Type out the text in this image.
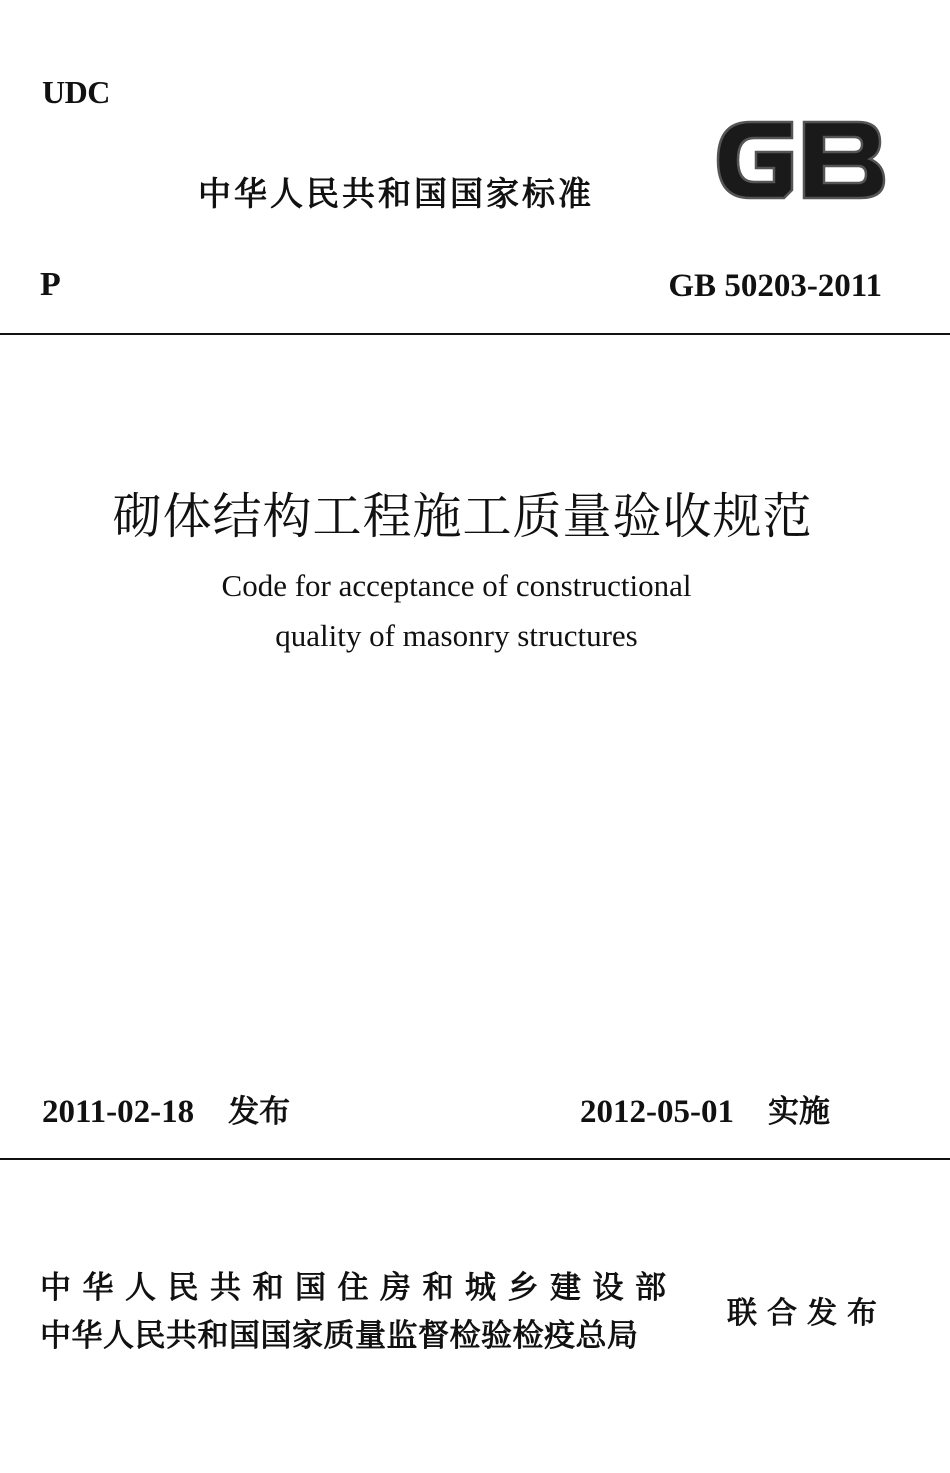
UDC
中华人民共和国国家标准
P	GB 50203-2011
砌体结构工程施工质量验收规范
Code for acceptance of constructional
quality of masonry structures
2011-02-18 发布	2012-05-01 实施
中华人民共和国住房和城乡建设部
中华人民共和国国家质量监督检验检疫总局
联合发布
